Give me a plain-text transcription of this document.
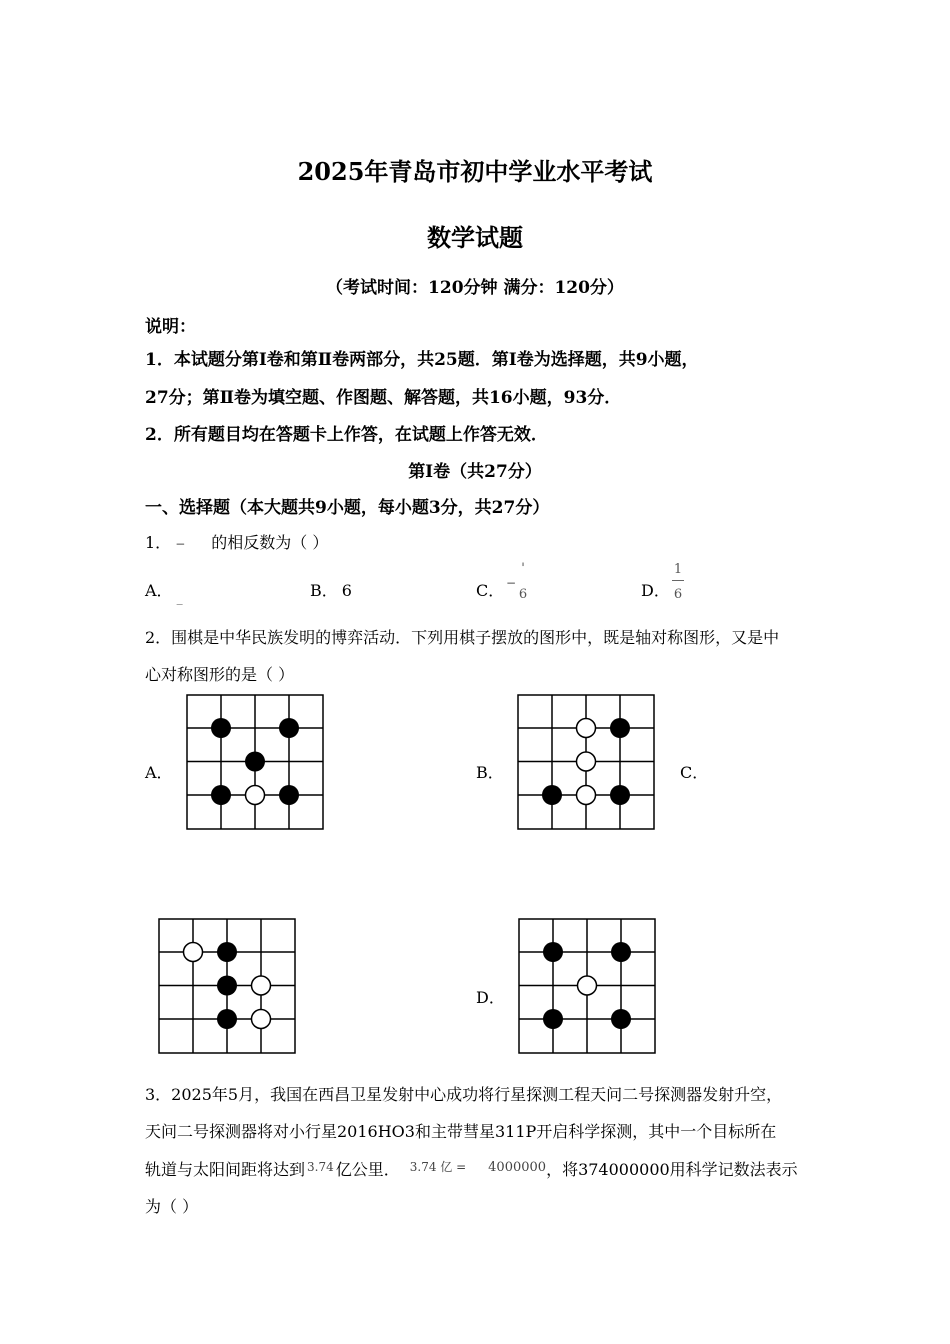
2025年青岛市初中学业水平考试
数学试题
（考试时间：120分钟 满分：120分）
说明：
1．本试题分第Ⅰ卷和第Ⅱ卷两部分，共25题．第Ⅰ卷为选择题，共9小题，
27分；第Ⅱ卷为填空题、作图题、解答题，共16小题，93分．
2．所有题目均在答题卡上作答，在试题上作答无效．
第Ⅰ卷（共27分）
一、选择题（本大题共9小题，每小题3分，共27分）
1． − 的相反数为（ ）
A． $_{\_}$	B． 6	C． −
'
6	D．
1
6
2．围棋是中华民族发明的博弈活动．下列用棋子摆放的图形中，既是轴对称图形，又是中
心对称图形的是（ ）
A．	B．	C．
D．
3．2025年5月，我国在西昌卫星发射中心成功将行星探测工程天问二号探测器发射升空，
天问二号探测器将对小行星2016HO3和主带彗星311P开启科学探测，其中一个目标所在
轨道与太阳间距将达到 $^{3.74}$ 亿公里． $^{3.74 亿 =}$ $^{4000000}$，将374000000用科学记数法表示
为（ ）
